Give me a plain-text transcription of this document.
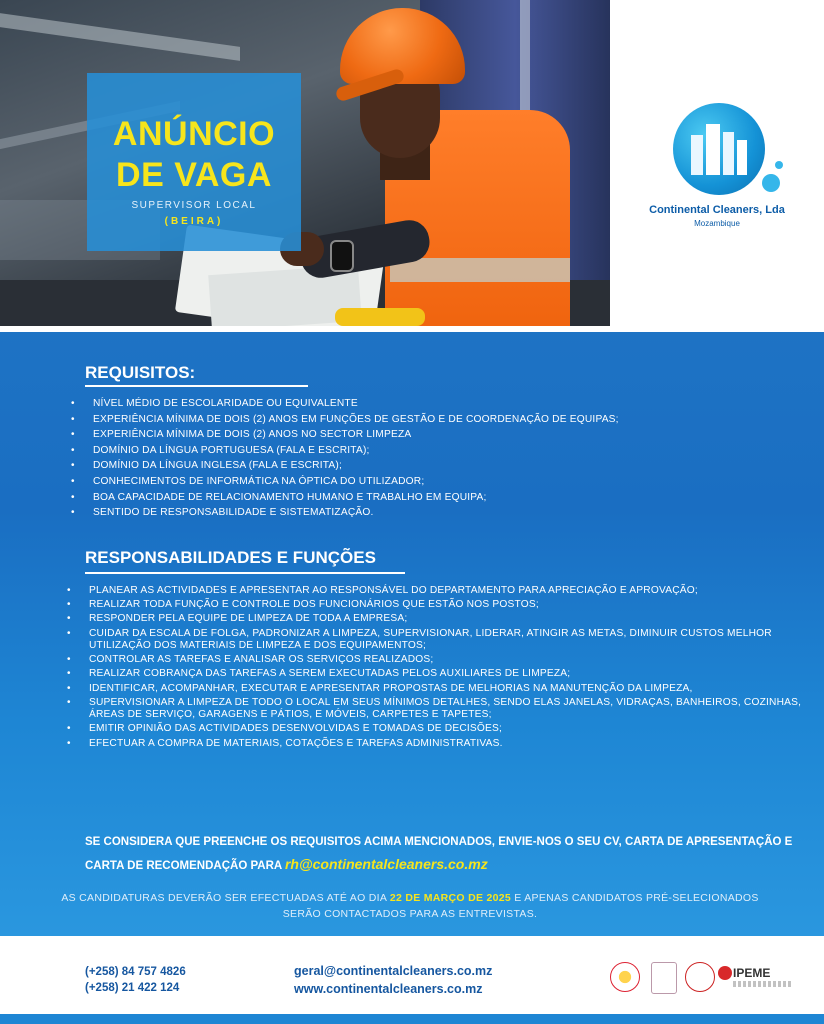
ANÚNCIO
DE VAGA
SUPERVISOR LOCAL
(BEIRA)
Continental Cleaners, Lda
Mozambique
REQUISITOS:
• NÍVEL MÉDIO DE ESCOLARIDADE OU EQUIVALENTE
• EXPERIÊNCIA MÍNIMA DE DOIS (2) ANOS EM FUNÇÕES DE GESTÃO E DE COORDENAÇÃO DE EQUIPAS;
• EXPERIÊNCIA MÍNIMA DE DOIS (2) ANOS NO SECTOR LIMPEZA
• DOMÍNIO DA LÍNGUA PORTUGUESA (FALA E ESCRITA);
• DOMÍNIO DA LÍNGUA INGLESA (FALA E ESCRITA);
• CONHECIMENTOS DE INFORMÁTICA NA ÓPTICA DO UTILIZADOR;
• BOA CAPACIDADE DE RELACIONAMENTO HUMANO E TRABALHO EM EQUIPA;
• SENTIDO DE RESPONSABILIDADE E SISTEMATIZAÇÃO.
RESPONSABILIDADES E FUNÇÕES
• PLANEAR AS ACTIVIDADES E APRESENTAR AO RESPONSÁVEL DO DEPARTAMENTO PARA APRECIAÇÃO E APROVAÇÃO;
• REALIZAR TODA FUNÇÃO E CONTROLE DOS FUNCIONÁRIOS QUE ESTÃO NOS POSTOS;
• RESPONDER PELA EQUIPE DE LIMPEZA DE TODA A EMPRESA;
• CUIDAR DA ESCALA DE FOLGA, PADRONIZAR A LIMPEZA, SUPERVISIONAR, LIDERAR, ATINGIR AS METAS, DIMINUIR CUSTOS MELHOR UTILIZAÇÃO DOS MATERIAIS DE LIMPEZA E DOS EQUIPAMENTOS;
• CONTROLAR AS TAREFAS E ANALISAR OS SERVIÇOS REALIZADOS;
• REALIZAR COBRANÇA DAS TAREFAS A SEREM EXECUTADAS PELOS AUXILIARES DE LIMPEZA;
• IDENTIFICAR, ACOMPANHAR, EXECUTAR E APRESENTAR PROPOSTAS DE MELHORIAS NA MANUTENÇÃO DA LIMPEZA,
• SUPERVISIONAR A LIMPEZA DE TODO O LOCAL EM SEUS MÍNIMOS DETALHES, SENDO ELAS JANELAS, VIDRAÇAS, BANHEIROS, COZINHAS, ÁREAS DE SERVIÇO, GARAGENS E PÁTIOS, E MÓVEIS, CARPETES E TAPETES;
• EMITIR OPINIÃO DAS ACTIVIDADES DESENVOLVIDAS E TOMADAS DE DECISÕES;
• EFECTUAR A COMPRA DE MATERIAIS, COTAÇÕES E TAREFAS ADMINISTRATIVAS.
SE CONSIDERA QUE PREENCHE OS REQUISITOS ACIMA MENCIONADOS, ENVIE-NOS O SEU CV, CARTA DE APRESENTAÇÃO E CARTA DE RECOMENDAÇÃO PARA rh@continentalcleaners.co.mz
AS CANDIDATURAS DEVERÃO SER EFECTUADAS ATÉ AO DIA 22 DE MARÇO DE 2025 E APENAS CANDIDATOS PRÉ-SELECIONADOS SERÃO CONTACTADOS PARA AS ENTREVISTAS.
(+258) 84 757 4826
(+258) 21 422 124
geral@continentalcleaners.co.mz
www.continentalcleaners.co.mz
IPEME
